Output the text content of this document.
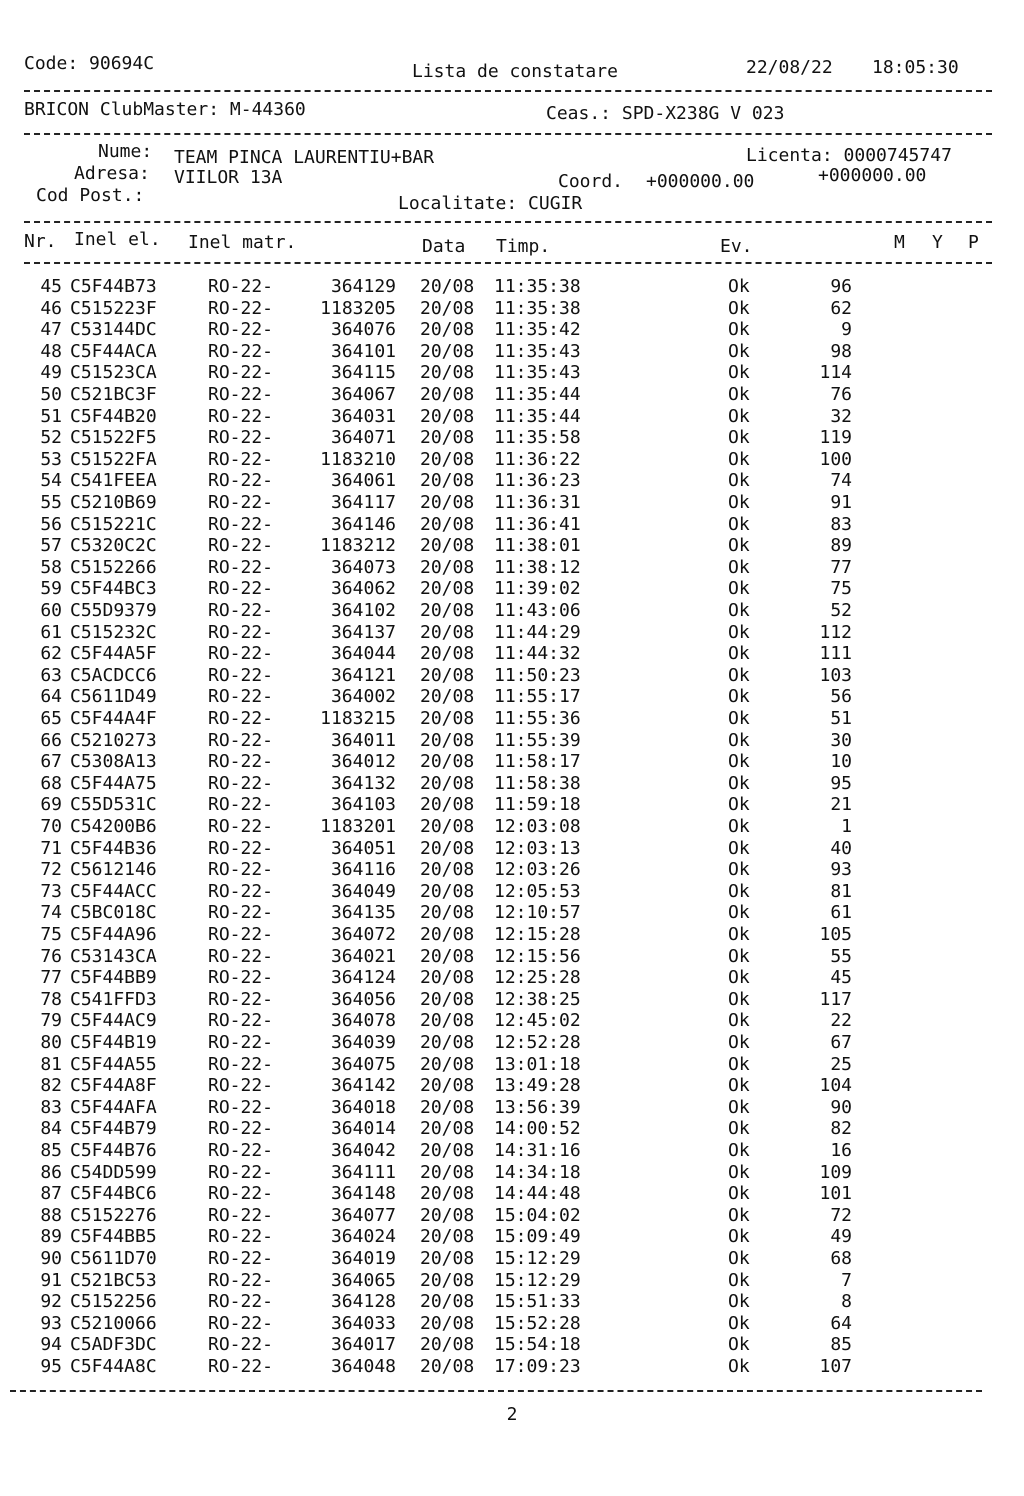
Code: 90694C	Lista de constatare	22/08/22 18:05:30
BRICON ClubMaster: M-44360	Ceas.: SPD-X238G V 023
Nume: TEAM PINCA LAURENTIU+BAR	Licenta: 0000745747
Adresa: VIILOR 13A	Coord. +000000.00	+000000.00
Cod Post.:	Localitate: CUGIR
Nr. Inel el. Inel matr.	Data Timp.	Ev.	M Y P
45 C5F44B73	RO-22-	364129 20/08 11:35:38	Ok	96
46 C515223F	RO-22-	1183205 20/08 11:35:38	Ok	62
47 C53144DC	RO-22-	364076 20/08 11:35:42	Ok	9
48 C5F44ACA	RO-22-	364101 20/08 11:35:43	Ok	98
49 C51523CA	RO-22-	364115 20/08 11:35:43	Ok	114
50 C521BC3F	RO-22-	364067 20/08 11:35:44	Ok	76
51 C5F44B20	RO-22-	364031 20/08 11:35:44	Ok	32
52 C51522F5	RO-22-	364071 20/08 11:35:58	Ok	119
53 C51522FA	RO-22-	1183210 20/08 11:36:22	Ok	100
54 C541FEEA	RO-22-	364061 20/08 11:36:23	Ok	74
55 C5210B69	RO-22-	364117 20/08 11:36:31	Ok	91
56 C515221C	RO-22-	364146 20/08 11:36:41	Ok	83
57 C5320C2C	RO-22-	1183212 20/08 11:38:01	Ok	89
58 C5152266	RO-22-	364073 20/08 11:38:12	Ok	77
59 C5F44BC3	RO-22-	364062 20/08 11:39:02	Ok	75
60 C55D9379	RO-22-	364102 20/08 11:43:06	Ok	52
61 C515232C	RO-22-	364137 20/08 11:44:29	Ok	112
62 C5F44A5F	RO-22-	364044 20/08 11:44:32	Ok	111
63 C5ACDCC6	RO-22-	364121 20/08 11:50:23	Ok	103
64 C5611D49	RO-22-	364002 20/08 11:55:17	Ok	56
65 C5F44A4F	RO-22-	1183215 20/08 11:55:36	Ok	51
66 C5210273	RO-22-	364011 20/08 11:55:39	Ok	30
67 C5308A13	RO-22-	364012 20/08 11:58:17	Ok	10
68 C5F44A75	RO-22-	364132 20/08 11:58:38	Ok	95
69 C55D531C	RO-22-	364103 20/08 11:59:18	Ok	21
70 C54200B6	RO-22-	1183201 20/08 12:03:08	Ok	1
71 C5F44B36	RO-22-	364051 20/08 12:03:13	Ok	40
72 C5612146	RO-22-	364116 20/08 12:03:26	Ok	93
73 C5F44ACC	RO-22-	364049 20/08 12:05:53	Ok	81
74 C5BC018C	RO-22-	364135 20/08 12:10:57	Ok	61
75 C5F44A96	RO-22-	364072 20/08 12:15:28	Ok	105
76 C53143CA	RO-22-	364021 20/08 12:15:56	Ok	55
77 C5F44BB9	RO-22-	364124 20/08 12:25:28	Ok	45
78 C541FFD3	RO-22-	364056 20/08 12:38:25	Ok	117
79 C5F44AC9	RO-22-	364078 20/08 12:45:02	Ok	22
80 C5F44B19	RO-22-	364039 20/08 12:52:28	Ok	67
81 C5F44A55	RO-22-	364075 20/08 13:01:18	Ok	25
82 C5F44A8F	RO-22-	364142 20/08 13:49:28	Ok	104
83 C5F44AFA	RO-22-	364018 20/08 13:56:39	Ok	90
84 C5F44B79	RO-22-	364014 20/08 14:00:52	Ok	82
85 C5F44B76	RO-22-	364042 20/08 14:31:16	Ok	16
86 C54DD599	RO-22-	364111 20/08 14:34:18	Ok	109
87 C5F44BC6	RO-22-	364148 20/08 14:44:48	Ok	101
88 C5152276	RO-22-	364077 20/08 15:04:02	Ok	72
89 C5F44BB5	RO-22-	364024 20/08 15:09:49	Ok	49
90 C5611D70	RO-22-	364019 20/08 15:12:29	Ok	68
91 C521BC53	RO-22-	364065 20/08 15:12:29	Ok	7
92 C5152256	RO-22-	364128 20/08 15:51:33	Ok	8
93 C5210066	RO-22-	364033 20/08 15:52:28	Ok	64
94 C5ADF3DC	RO-22-	364017 20/08 15:54:18	Ok	85
95 C5F44A8C	RO-22-	364048 20/08 17:09:23	Ok	107
2
